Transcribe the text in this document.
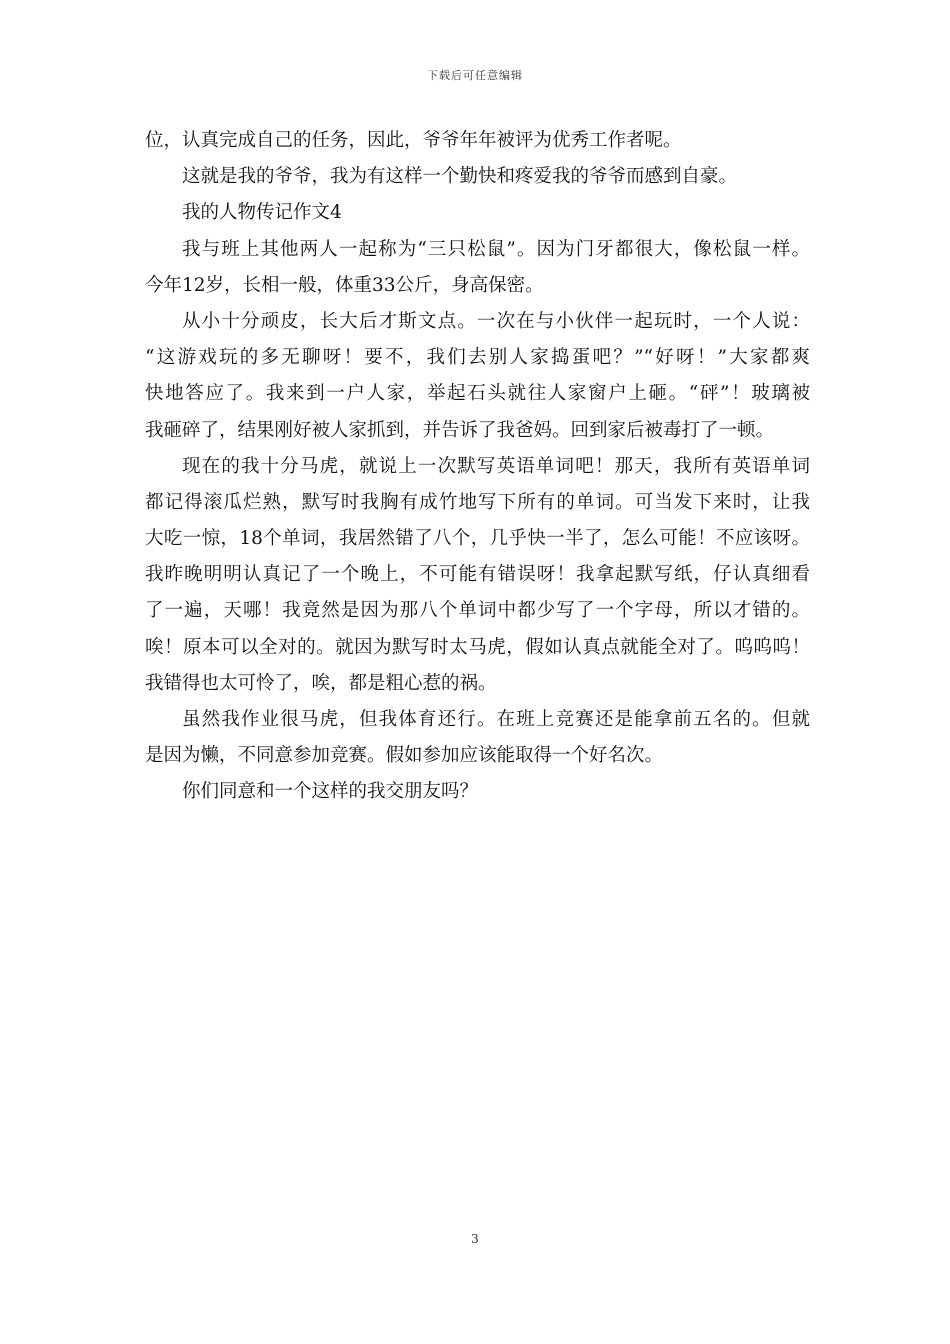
下载后可任意编辑
位，认真完成自己的任务，因此，爷爷年年被评为优秀工作者呢。
这就是我的爷爷，我为有这样一个勤快和疼爱我的爷爷而感到自豪。
我的人物传记作文4
我与班上其他两人一起称为“三只松鼠”。因为门牙都很大，像松鼠一样。
今年12岁，长相一般，体重33公斤，身高保密。
从小十分顽皮，长大后才斯文点。一次在与小伙伴一起玩时，一个人说：
“这游戏玩的多无聊呀！要不，我们去别人家捣蛋吧？”“好呀！”大家都爽
快地答应了。我来到一户人家，举起石头就往人家窗户上砸。“砰”！玻璃被
我砸碎了，结果刚好被人家抓到，并告诉了我爸妈。回到家后被毒打了一顿。
现在的我十分马虎，就说上一次默写英语单词吧！那天，我所有英语单词
都记得滚瓜烂熟，默写时我胸有成竹地写下所有的单词。可当发下来时，让我
大吃一惊，18个单词，我居然错了八个，几乎快一半了，怎么可能！不应该呀。
我昨晚明明认真记了一个晚上，不可能有错误呀！我拿起默写纸，仔认真细看
了一遍，天哪！我竟然是因为那八个单词中都少写了一个字母，所以才错的。
唉！原本可以全对的。就因为默写时太马虎，假如认真点就能全对了。呜呜呜！
我错得也太可怜了，唉，都是粗心惹的祸。
虽然我作业很马虎，但我体育还行。在班上竞赛还是能拿前五名的。但就
是因为懒，不同意参加竞赛。假如参加应该能取得一个好名次。
你们同意和一个这样的我交朋友吗？
3
